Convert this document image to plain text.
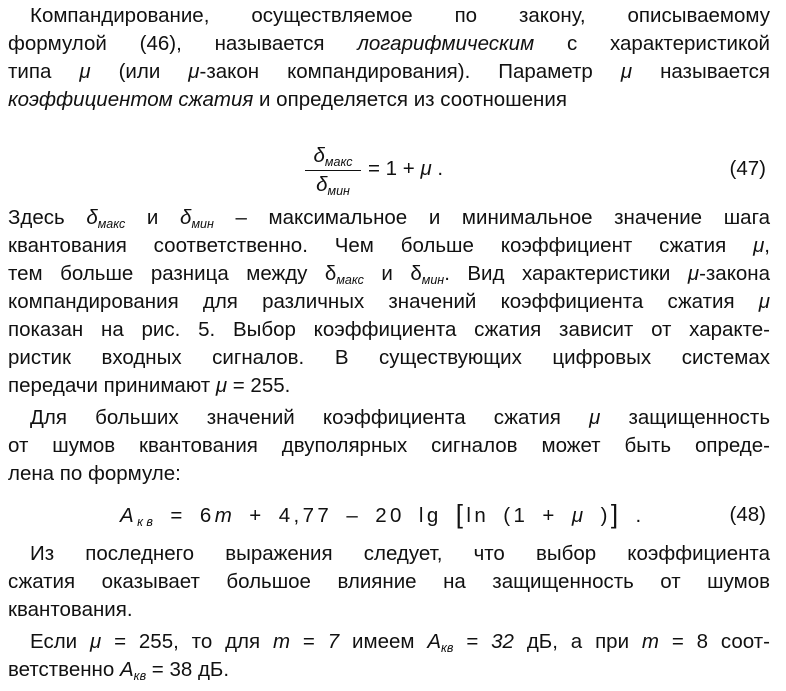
Компандирование, осуществляемое по закону, описываемому
формулой (46), называется логарифмическим с характеристикой
типа μ (или μ-закон компандирования). Параметр μ называется
коэффициентом сжатия и определяется из соотношения
$\delta_{макс}$
$\delta_{мин}$
= 1 + μ .	(47)
Здесь $\delta_{макс}$ и $\delta_{мин}$ – максимальное и минимальное значение шага
квантования соответственно. Чем больше коэффициент сжатия μ,
тем больше разница между $\delta_{макс}$ и $\delta_{мин}$. Вид характеристики μ-закона
компандирования для различных значений коэффициента сжатия μ
показан на рис. 5. Выбор коэффициента сжатия зависит от характе-
ристик входных сигналов. В существующих цифровых системах
передачи принимают μ = 255.
Для больших значений коэффициента сжатия μ защищенность
от шумов квантования двуполярных сигналов может быть опреде-
лена по формуле:
$A_{кв} = 6m + 4,77 - 20$ lg [ln (1 + μ )] .	(48)
Из последнего выражения следует, что выбор коэффициента
сжатия оказывает большое влияние на защищенность от шумов
квантования.
Если μ = 255, то для m = 7 имеем $A_{кв} = 32$ дБ, а при m = 8 соот-
ветственно $A_{кв} = 38$ дБ.
